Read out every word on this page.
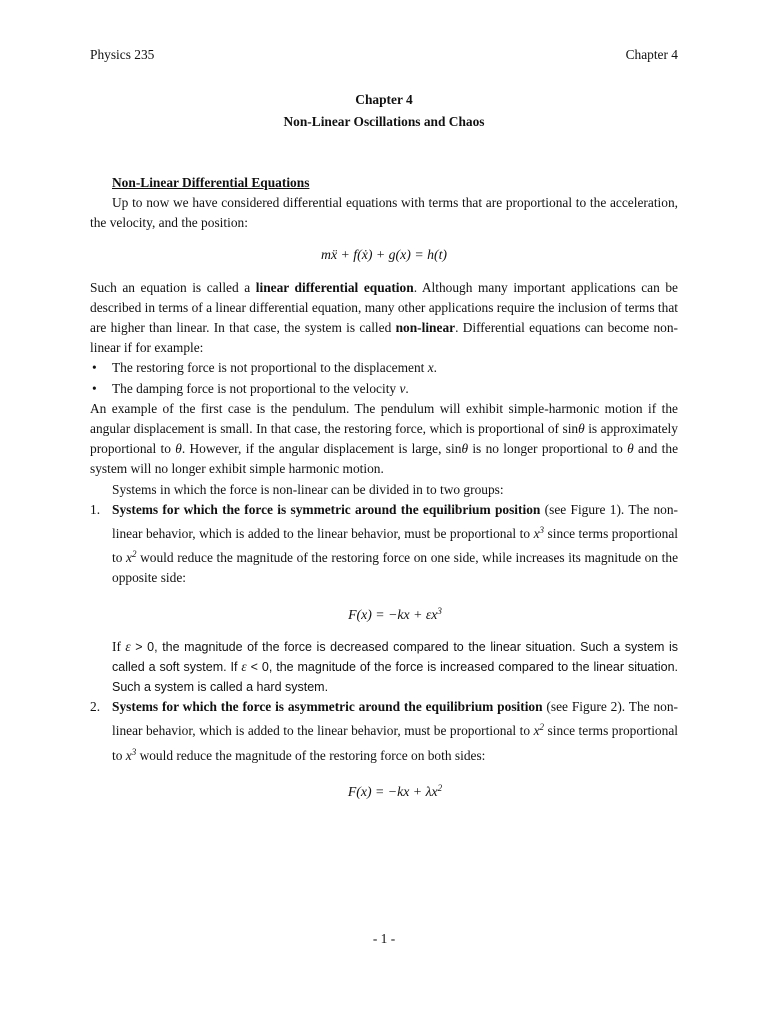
Physics 235	Chapter 4
Chapter 4
Non-Linear Oscillations and Chaos
Non-Linear Differential Equations

Up to now we have considered differential equations with terms that are proportional to the acceleration, the velocity, and the position:

mẍ + f(ẋ) + g(x) = h(t)

Such an equation is called a linear differential equation. Although many important applications can be described in terms of a linear differential equation, many other applications require the inclusion of terms that are higher than linear. In that case, the system is called non-linear. Differential equations can become non-linear if for example:

• The restoring force is not proportional to the displacement x.
• The damping force is not proportional to the velocity v.

An example of the first case is the pendulum. The pendulum will exhibit simple-harmonic motion if the angular displacement is small. In that case, the restoring force, which is proportional of sinθ is approximately proportional to θ. However, if the angular displacement is large, sinθ is no longer proportional to θ and the system will no longer exhibit simple harmonic motion.

Systems in which the force is non-linear can be divided in to two groups:

1. Systems for which the force is symmetric around the equilibrium position (see Figure 1). The non-linear behavior, which is added to the linear behavior, must be proportional to $x^3$ since terms proportional to $x^2$ would reduce the magnitude of the restoring force on one side, while increases its magnitude on the opposite side:

$F(x) = -kx + \varepsilon x^3$

If ε > 0, the magnitude of the force is decreased compared to the linear situation. Such a system is called a soft system. If ε < 0, the magnitude of the force is increased compared to the linear situation. Such a system is called a hard system.

2. Systems for which the force is asymmetric around the equilibrium position (see Figure 2). The non-linear behavior, which is added to the linear behavior, must be proportional to $x^2$ since terms proportional to $x^3$ would reduce the magnitude of the restoring force on both sides:

$F(x) = -kx + \lambda x^2$
- 1 -
